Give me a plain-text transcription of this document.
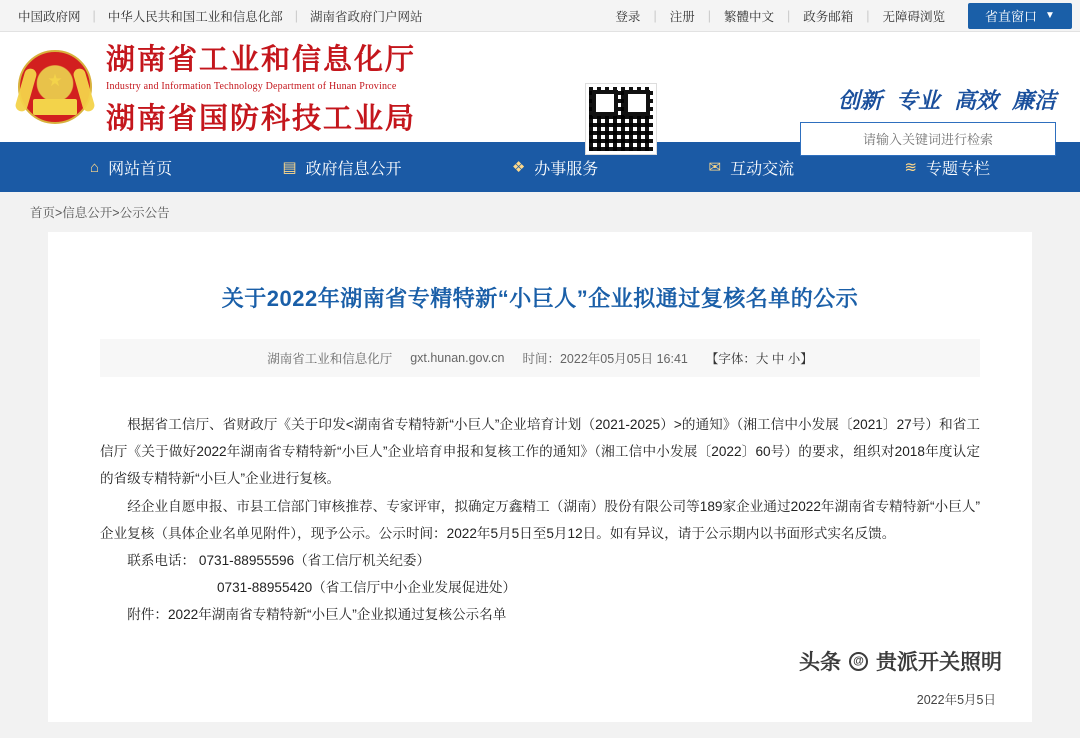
中国政府网 | 中华人民共和国工业和信息化部 | 湖南省政府门户网站	登录	|	注册	|	繁體中文	|	政务邮箱	|	无障碍浏览	省直窗口 ▼
★
湖南省工业和信息化厅
Industry and Information Technology Department of Hunan Province
湖南省国防科技工业局
创新 专业 高效 廉洁
请输入关键词进行检索
⌂ 网站首页	▤ 政府信息公开	❖ 办事服务	✉ 互动交流	≋ 专题专栏
首页>信息公开>公示公告
关于2022年湖南省专精特新“小巨人”企业拟通过复核名单的公示
湖南省工业和信息化厅 gxt.hunan.gov.cn 时间：2022年05月05日 16:41 【字体：大 中 小】

根据省工信厅、省财政厅《关于印发<湖南省专精特新“小巨人”企业培育计划（2021-2025）>的通知》（湘工信中小发展〔2021〕27号）和省工信厅《关于做好2022年湖南省专精特新“小巨人”企业培育申报和复核工作的通知》（湘工信中小发展〔2022〕60号）的要求，组织对2018年度认定的省级专精特新“小巨人”企业进行复核。

经企业自愿申报、市县工信部门审核推荐、专家评审，拟确定万鑫精工（湖南）股份有限公司等189家企业通过2022年湖南省专精特新“小巨人”企业复核（具体企业名单见附件），现予公示。公示时间：2022年5月5日至5月12日。如有异议，请于公示期内以书面形式实名反馈。

联系电话： 0731-88955596（省工信厅机关纪委）

0731-88955420（省工信厅中小企业发展促进处）

附件：2022年湖南省专精特新“小巨人”企业拟通过复核公示名单

头条	@ 贵派开关照明
2022年5月5日
